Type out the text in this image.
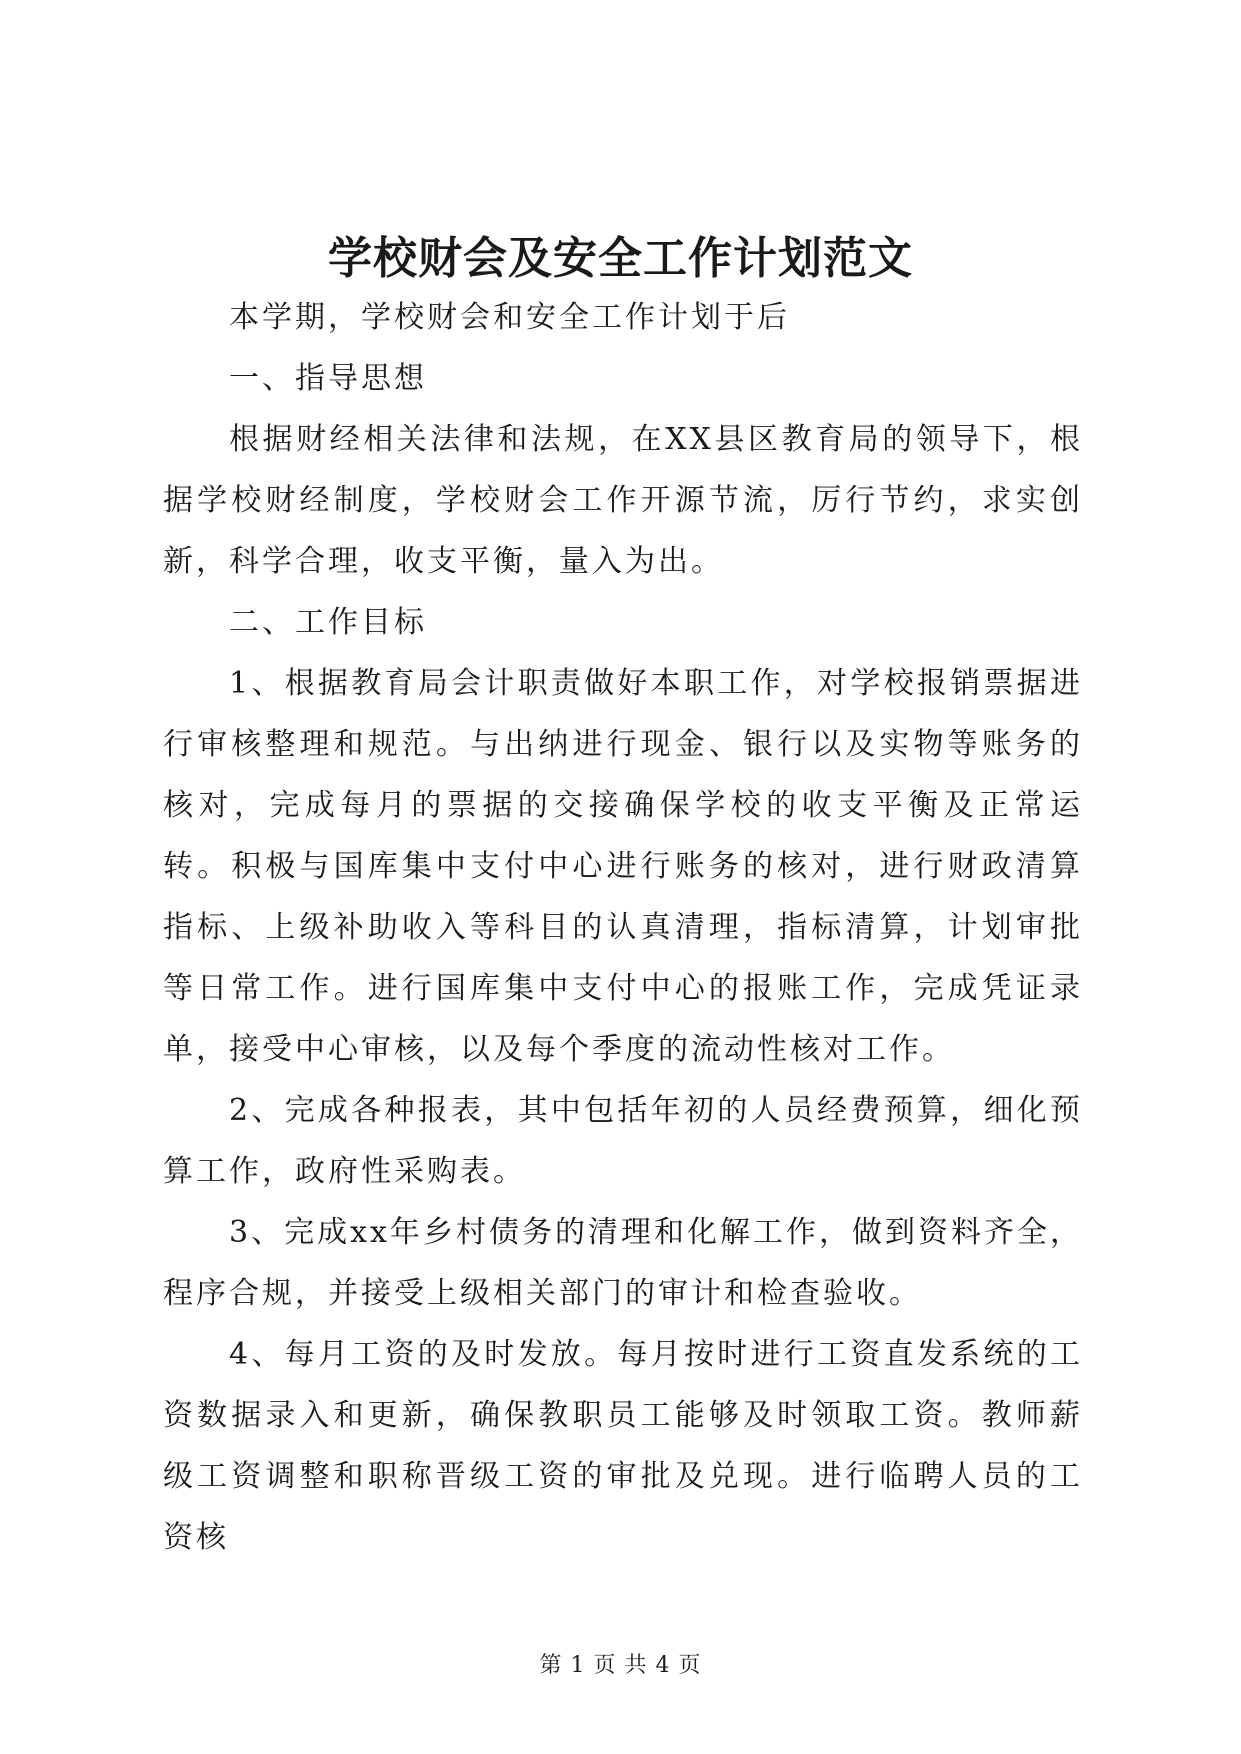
学校财会及安全工作计划范文

本学期，学校财会和安全工作计划于后

一、指导思想

根据财经相关法律和法规，在XX县区教育局的领导下，根据学校财经制度，学校财会工作开源节流，厉行节约，求实创新，科学合理，收支平衡，量入为出。

二、工作目标

1、根据教育局会计职责做好本职工作，对学校报销票据进行审核整理和规范。与出纳进行现金、银行以及实物等账务的核对，完成每月的票据的交接确保学校的收支平衡及正常运转。积极与国库集中支付中心进行账务的核对，进行财政清算指标、上级补助收入等科目的认真清理，指标清算，计划审批等日常工作。进行国库集中支付中心的报账工作，完成凭证录单，接受中心审核，以及每个季度的流动性核对工作。

2、完成各种报表，其中包括年初的人员经费预算，细化预算工作，政府性采购表。

3、完成xx年乡村债务的清理和化解工作，做到资料齐全，程序合规，并接受上级相关部门的审计和检查验收。

4、每月工资的及时发放。每月按时进行工资直发系统的工资数据录入和更新，确保教职员工能够及时领取工资。教师薪级工资调整和职称晋级工资的审批及兑现。进行临聘人员的工资核

第 1 页 共 4 页
